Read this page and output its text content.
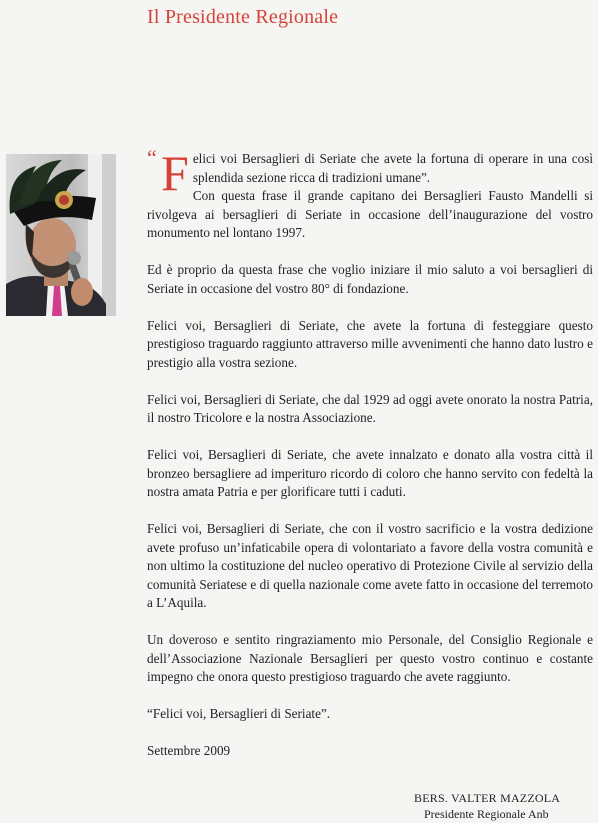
Il Presidente Regionale

“ F elici voi Bersaglieri di Seriate che avete la fortuna di operare in una così splendida sezione ricca di tradizioni umane”.
Con questa frase il grande capitano dei Bersaglieri Fausto Mandelli si rivolgeva ai bersaglieri di Seriate in occasione dell’inaugurazione del vostro monumento nel lontano 1997.

Ed è proprio da questa frase che voglio iniziare il mio saluto a voi bersaglieri di Seriate in occasione del vostro 80° di fondazione.

Felici voi, Bersaglieri di Seriate, che avete la fortuna di festeggiare questo prestigioso traguardo raggiunto attraverso mille avvenimenti che hanno dato lustro e prestigio alla vostra sezione.

Felici voi, Bersaglieri di Seriate, che dal 1929 ad oggi avete onorato la nostra Patria, il nostro Tricolore e la nostra Associazione.

Felici voi, Bersaglieri di Seriate, che avete innalzato e donato alla vostra città il bronzeo bersagliere ad imperituro ricordo di coloro che hanno servito con fedeltà la nostra amata Patria e per glorificare tutti i caduti.

Felici voi, Bersaglieri di Seriate, che con il vostro sacrificio e la vostra dedizione avete profuso un’infaticabile opera di volontariato a favore della vostra comunità e non ultimo la costituzione del nucleo operativo di Protezione Civile al servizio della comunità Seriatese e di quella nazionale come avete fatto in occasione del terremoto a L’Aquila.

Un doveroso e sentito ringraziamento mio Personale, del Consiglio Regionale e dell’Associazione Nazionale Bersaglieri per questo vostro continuo e costante impegno che onora questo prestigioso traguardo che avete raggiunto.

“Felici voi, Bersaglieri di Seriate”.

Settembre 2009

BERS. VALTER MAZZOLA
Presidente Regionale Anb
